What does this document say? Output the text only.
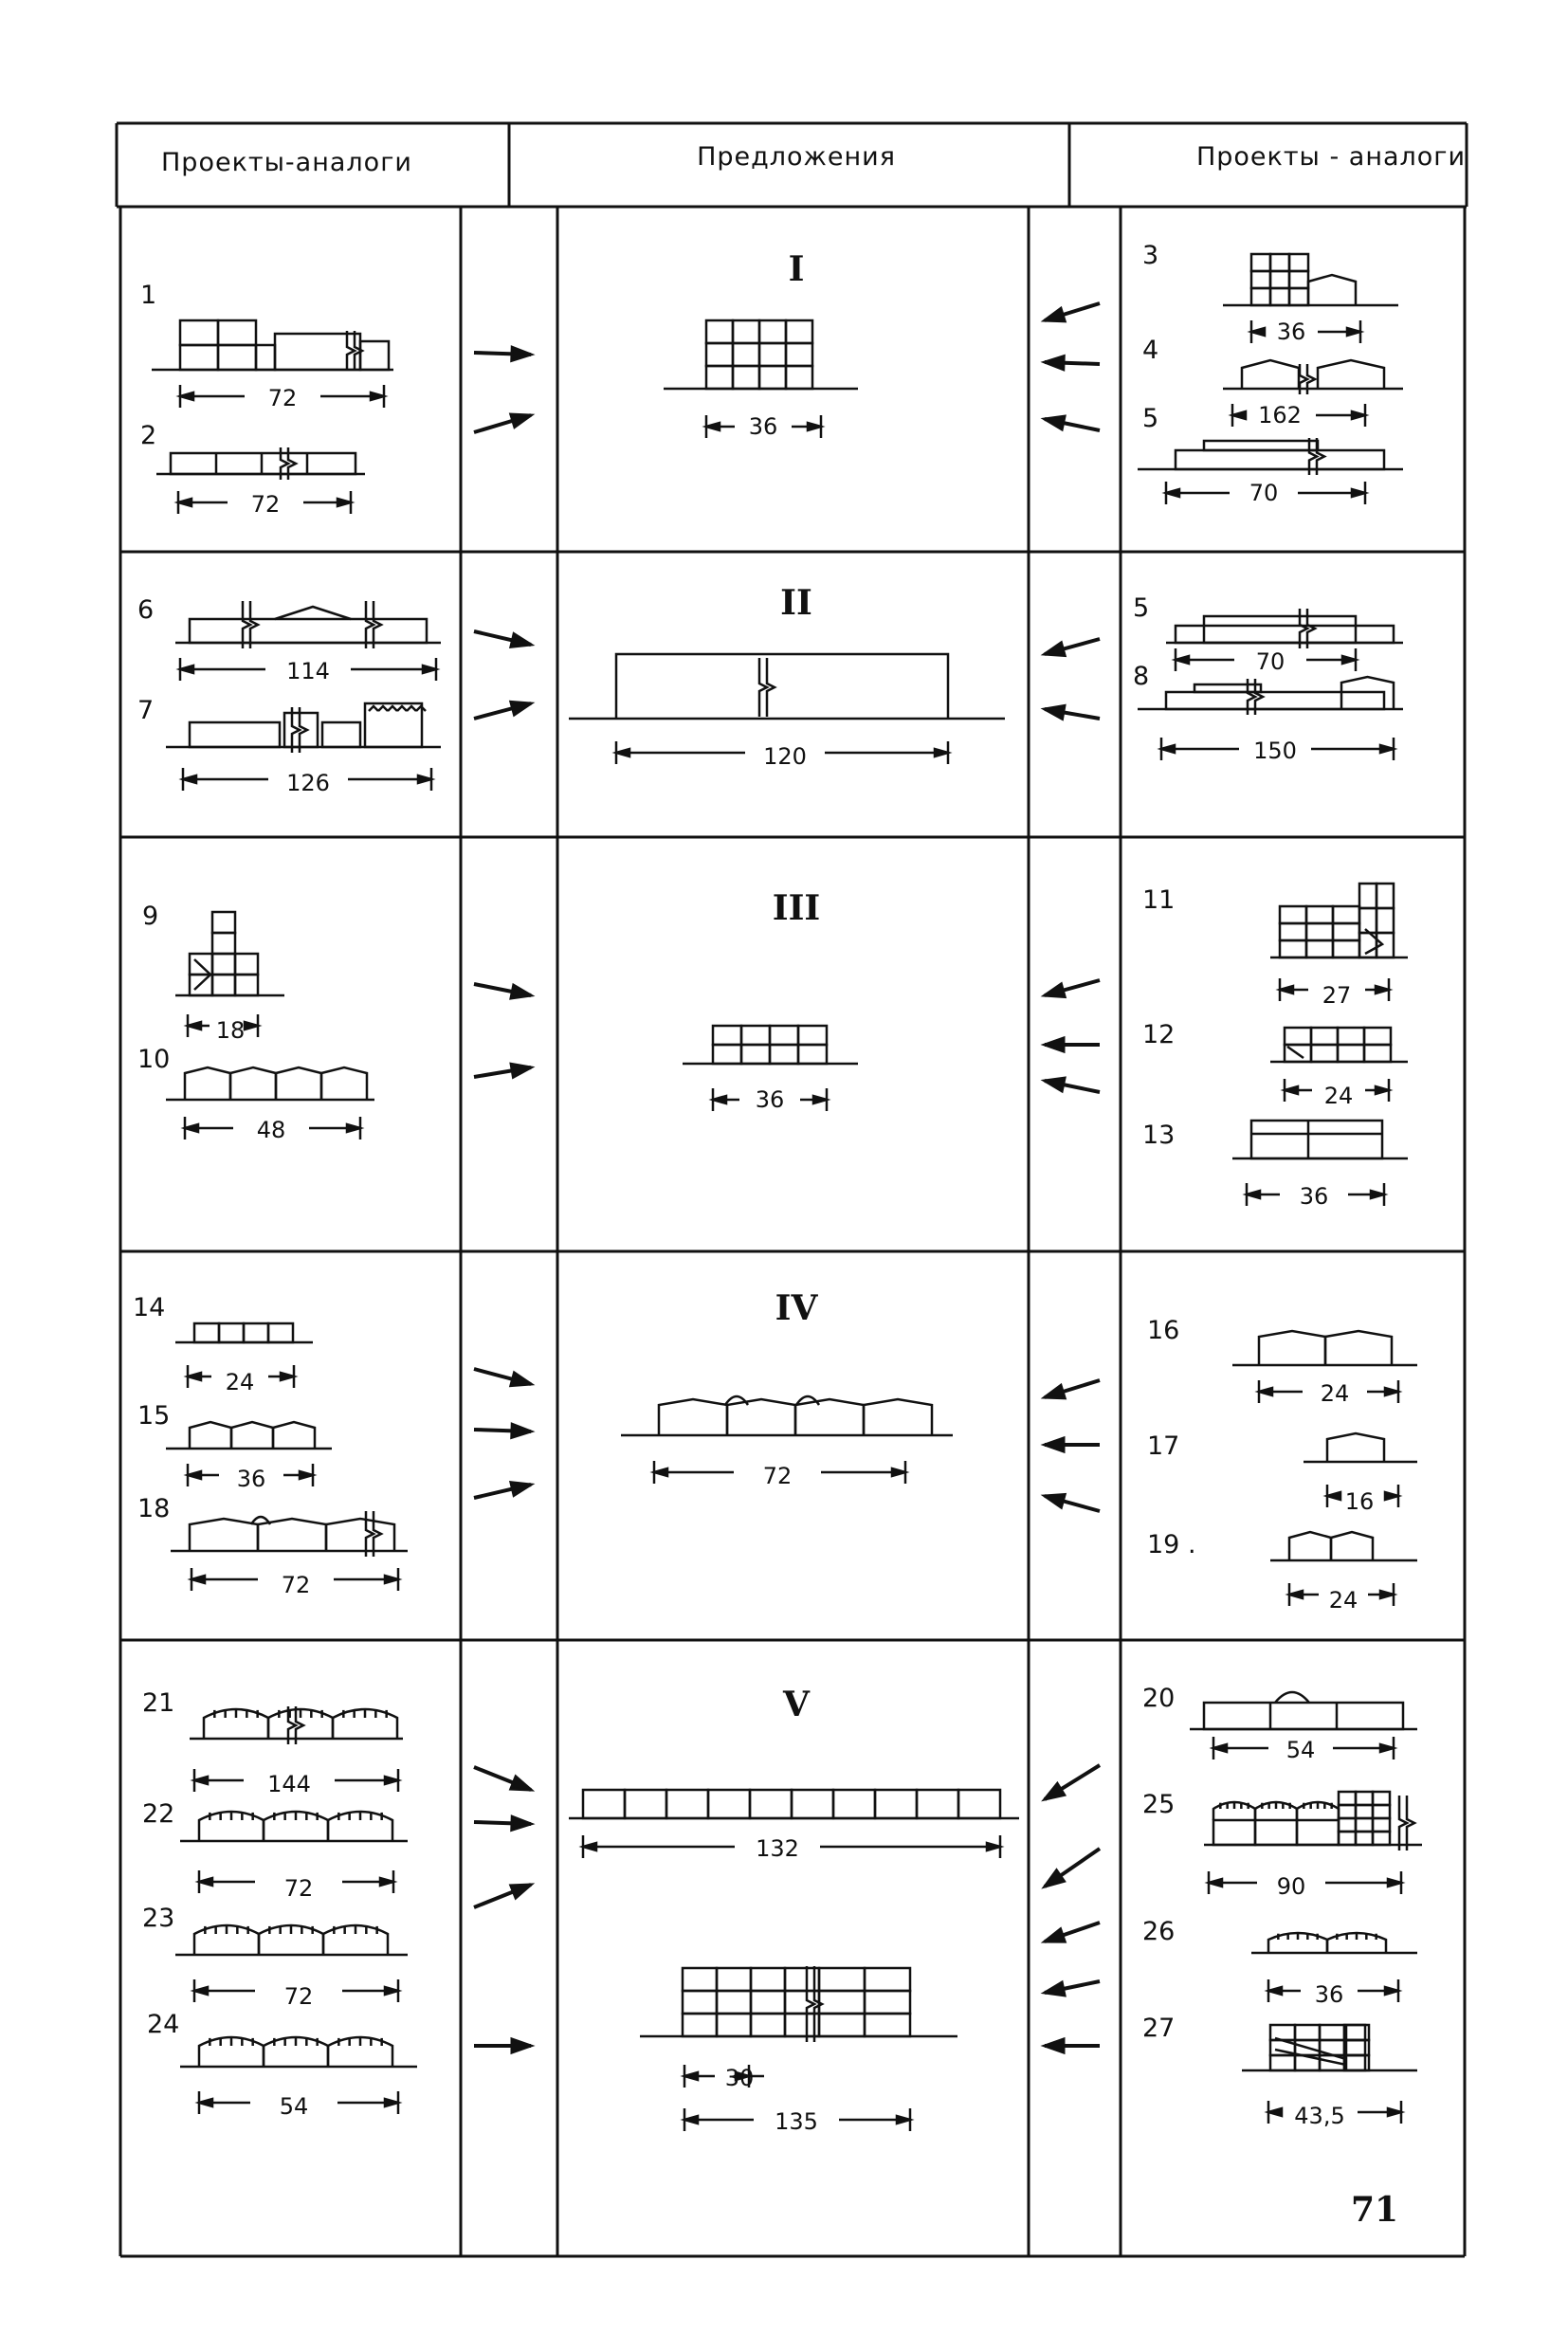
Проекты-аналоги	Предложения	Проекты - аналоги
I
II
III
IV
V
1
72
2
72
36
3
36
4
162
5
70
6
114
7
126
120
5
70
8
150
9
18
10
48
36
11
27
12
24
13
36
14
24
15
36
18
72
72
16
24
17
16
19 .
24
21
144
22
72
23
72
24
54
132
30
135
20
54
25
90
26
36
27
43,5
71
